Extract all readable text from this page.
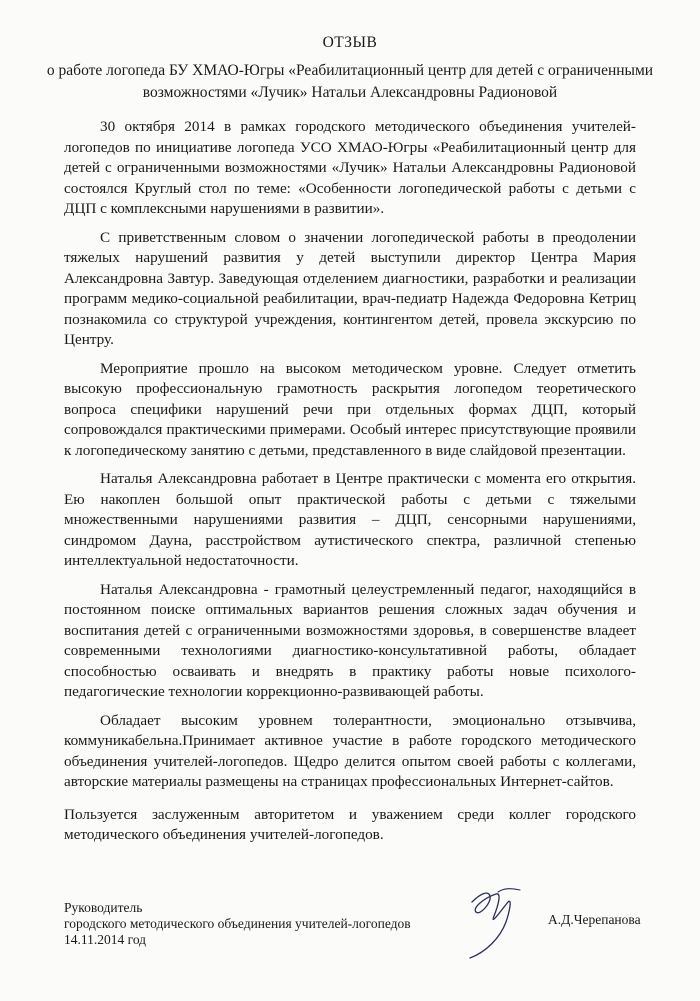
ОТЗЫВ
о работе логопеда БУ ХМАО-Югры «Реабилитационный центр для детей с ограниченными возможностями «Лучик» Натальи Александровны Радионовой

30 октября 2014 в рамках городского методического объединения учителей-логопедов по инициативе логопеда УСО ХМАО-Югры «Реабилитационный центр для детей с ограниченными возможностями «Лучик» Натальи Александровны Радионовой состоялся Круглый стол по теме: «Особенности логопедической работы с детьми с ДЦП с комплексными нарушениями в развитии».

С приветственным словом о значении логопедической работы в преодолении тяжелых нарушений развития у детей выступили директор Центра Мария Александровна Завтур. Заведующая отделением диагностики, разработки и реализации программ медико-социальной реабилитации, врач-педиатр Надежда Федоровна Кетриц познакомила со структурой учреждения, контингентом детей, провела экскурсию по Центру.

Мероприятие прошло на высоком методическом уровне. Следует отметить высокую профессиональную грамотность раскрытия логопедом теоретического вопроса специфики нарушений речи при отдельных формах ДЦП, который сопровождался практическими примерами. Особый интерес присутствующие проявили к логопедическому занятию с детьми, представленного в виде слайдовой презентации.

Наталья Александровна работает в Центре практически с момента его открытия. Ею накоплен большой опыт практической работы с детьми с тяжелыми множественными нарушениями развития – ДЦП, сенсорными нарушениями, синдромом Дауна, расстройством аутистического спектра, различной степенью интеллектуальной недостаточности.

Наталья Александровна - грамотный целеустремленный педагог, находящийся в постоянном поиске оптимальных вариантов решения сложных задач обучения и воспитания детей с ограниченными возможностями здоровья, в совершенстве владеет современными технологиями диагностико-консультативной работы, обладает способностью осваивать и внедрять в практику работы новые психолого-педагогические технологии коррекционно-развивающей работы.

Обладает высоким уровнем толерантности, эмоционально отзывчива, коммуникабельна.Принимает активное участие в работе городского методического объединения учителей-логопедов. Щедро делится опытом своей работы с коллегами, авторские материалы размещены на страницах профессиональных Интернет-сайтов.

Пользуется заслуженным авторитетом и уважением среди коллег городского методического объединения учителей-логопедов.

Руководитель
городского методического объединения учителей-логопедов
14.11.2014 год
А.Д.Черепанова
